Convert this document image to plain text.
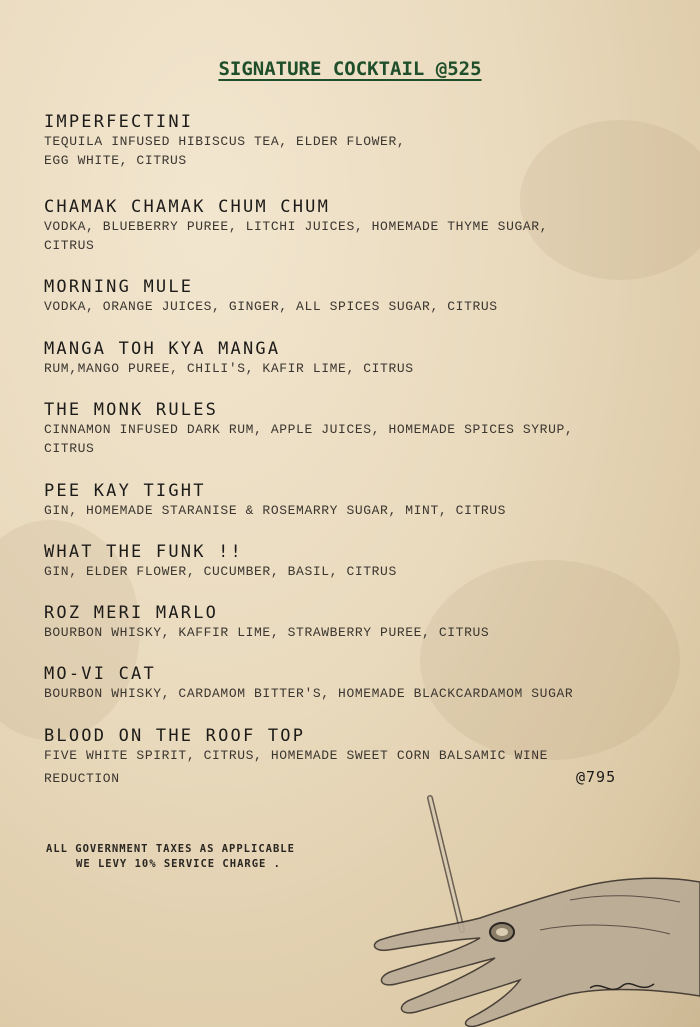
SIGNATURE COCKTAIL @525
IMPERFECTINI
TEQUILA INFUSED HIBISCUS TEA, ELDER FLOWER,
EGG WHITE, CITRUS
CHAMAK CHAMAK CHUM CHUM
VODKA, BLUEBERRY PUREE, LITCHI JUICES, HOMEMADE THYME SUGAR,
CITRUS
MORNING MULE
VODKA, ORANGE JUICES, GINGER, ALL SPICES SUGAR, CITRUS
MANGA TOH KYA MANGA
RUM,MANGO PUREE, CHILI'S, KAFIR LIME, CITRUS
THE MONK RULES
CINNAMON INFUSED DARK RUM, APPLE JUICES, HOMEMADE SPICES SYRUP,
CITRUS
PEE KAY TIGHT
GIN, HOMEMADE STARANISE & ROSEMARRY SUGAR, MINT, CITRUS
WHAT THE FUNK !!
GIN, ELDER FLOWER, CUCUMBER, BASIL, CITRUS
ROZ MERI MARLO
BOURBON WHISKY, KAFFIR LIME, STRAWBERRY PUREE, CITRUS
MO-VI CAT
BOURBON WHISKY, CARDAMOM BITTER'S, HOMEMADE BLACKCARDAMOM SUGAR
BLOOD ON THE ROOF TOP
FIVE WHITE SPIRIT, CITRUS, HOMEMADE SWEET CORN BALSAMIC WINE
REDUCTION	@795
ALL GOVERNMENT TAXES AS APPLICABLE
WE LEVY 10% SERVICE CHARGE .
